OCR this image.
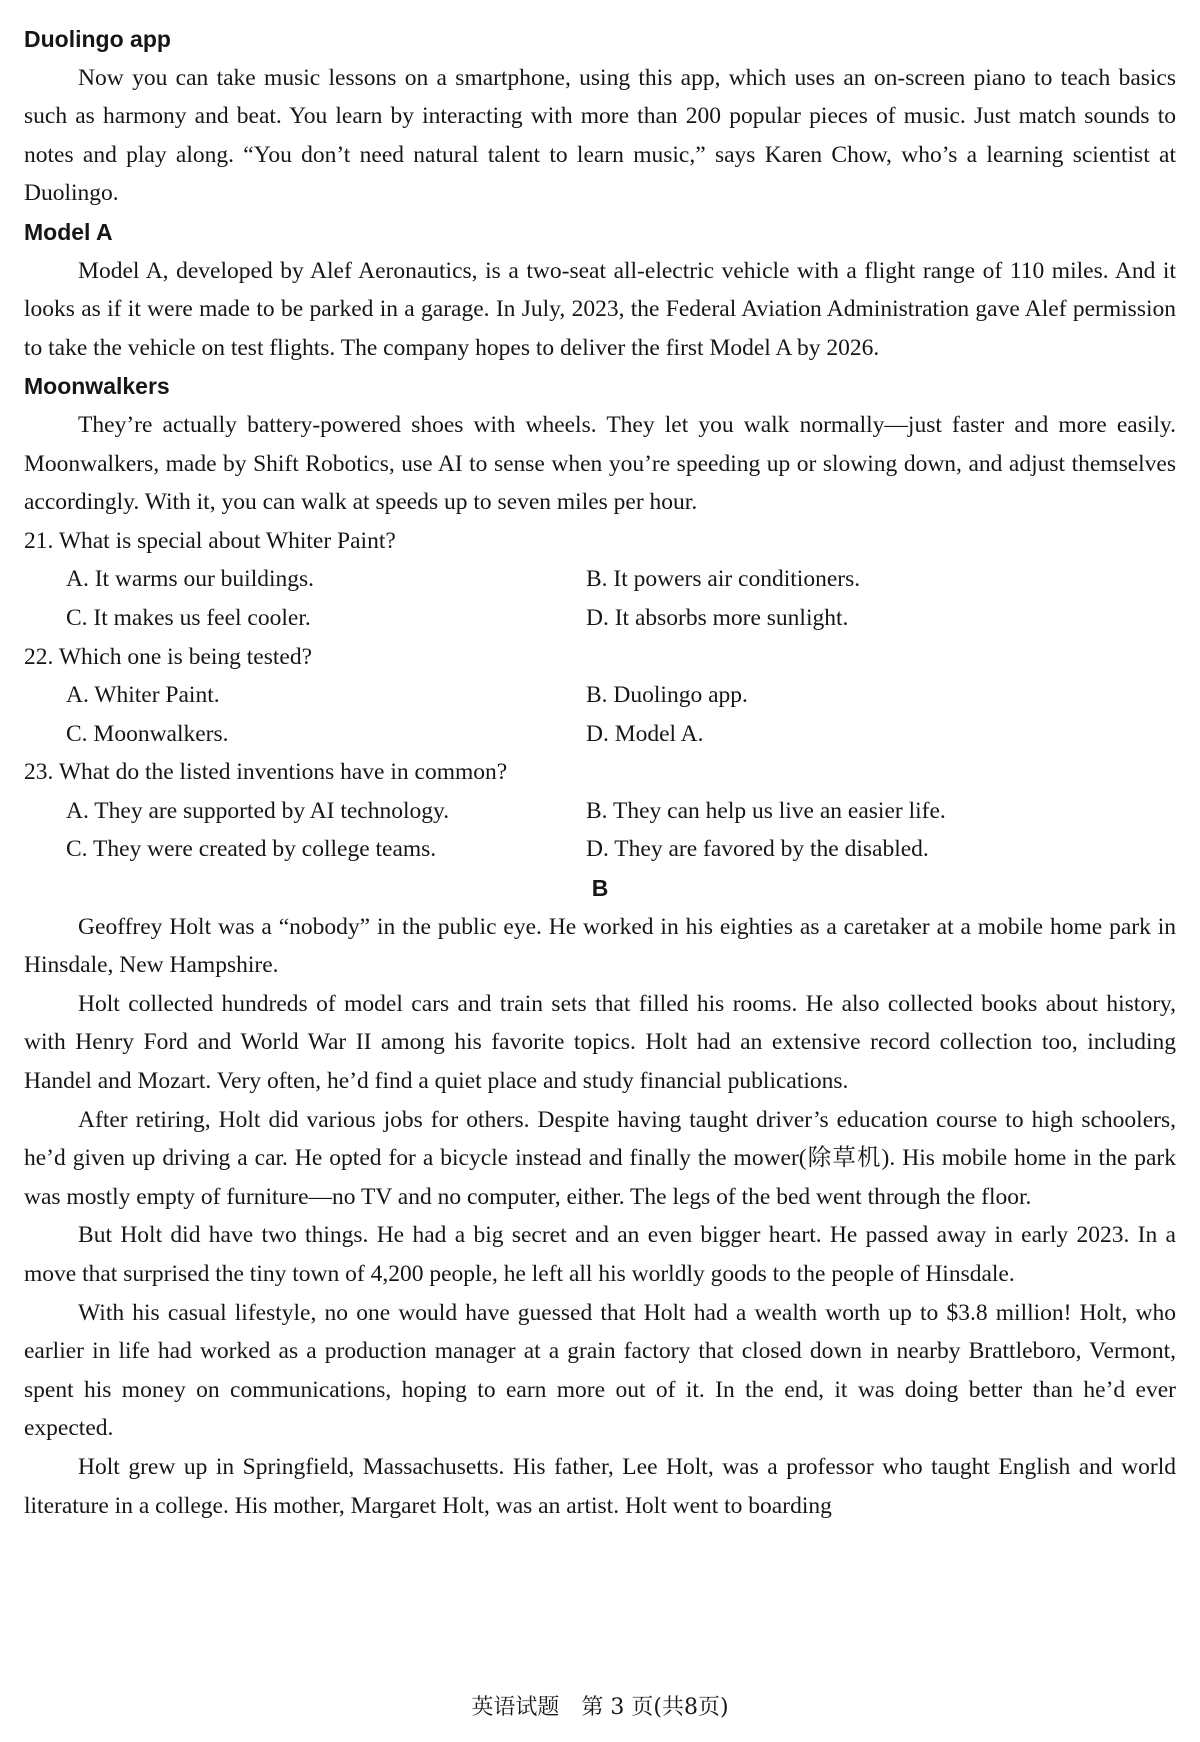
Duolingo app

Now you can take music lessons on a smartphone, using this app, which uses an on-screen piano to teach basics such as harmony and beat. You learn by interacting with more than 200 popular pieces of music. Just match sounds to notes and play along. “You don’t need natural talent to learn music,” says Karen Chow, who’s a learning scientist at Duolingo.

Model A

Model A, developed by Alef Aeronautics, is a two-seat all-electric vehicle with a flight range of 110 miles. And it looks as if it were made to be parked in a garage. In July, 2023, the Federal Aviation Administration gave Alef permission to take the vehicle on test flights. The company hopes to deliver the first Model A by 2026.

Moonwalkers

They’re actually battery-powered shoes with wheels. They let you walk normally—just faster and more easily. Moonwalkers, made by Shift Robotics, use AI to sense when you’re speeding up or slowing down, and adjust themselves accordingly. With it, you can walk at speeds up to seven miles per hour.

21. What is special about Whiter Paint?
A. It warms our buildings.	B. It powers air conditioners.
C. It makes us feel cooler.	D. It absorbs more sunlight.
22. Which one is being tested?
A. Whiter Paint.	B. Duolingo app.
C. Moonwalkers.	D. Model A.
23. What do the listed inventions have in common?
A. They are supported by AI technology.	B. They can help us live an easier life.
C. They were created by college teams.	D. They are favored by the disabled.
B

Geoffrey Holt was a “nobody” in the public eye. He worked in his eighties as a caretaker at a mobile home park in Hinsdale, New Hampshire.

Holt collected hundreds of model cars and train sets that filled his rooms. He also collected books about history, with Henry Ford and World War II among his favorite topics. Holt had an extensive record collection too, including Handel and Mozart. Very often, he’d find a quiet place and study financial publications.

After retiring, Holt did various jobs for others. Despite having taught driver’s education course to high schoolers, he’d given up driving a car. He opted for a bicycle instead and finally the mower(除草机). His mobile home in the park was mostly empty of furniture—no TV and no computer, either. The legs of the bed went through the floor.

But Holt did have two things. He had a big secret and an even bigger heart. He passed away in early 2023. In a move that surprised the tiny town of 4,200 people, he left all his worldly goods to the people of Hinsdale.

With his casual lifestyle, no one would have guessed that Holt had a wealth worth up to $3.8 million! Holt, who earlier in life had worked as a production manager at a grain factory that closed down in nearby Brattleboro, Vermont, spent his money on communications, hoping to earn more out of it. In the end, it was doing better than he’d ever expected.

Holt grew up in Springfield, Massachusetts. His father, Lee Holt, was a professor who taught English and world literature in a college. His mother, Margaret Holt, was an artist. Holt went to boarding

英语试题　第 3 页(共8页)
